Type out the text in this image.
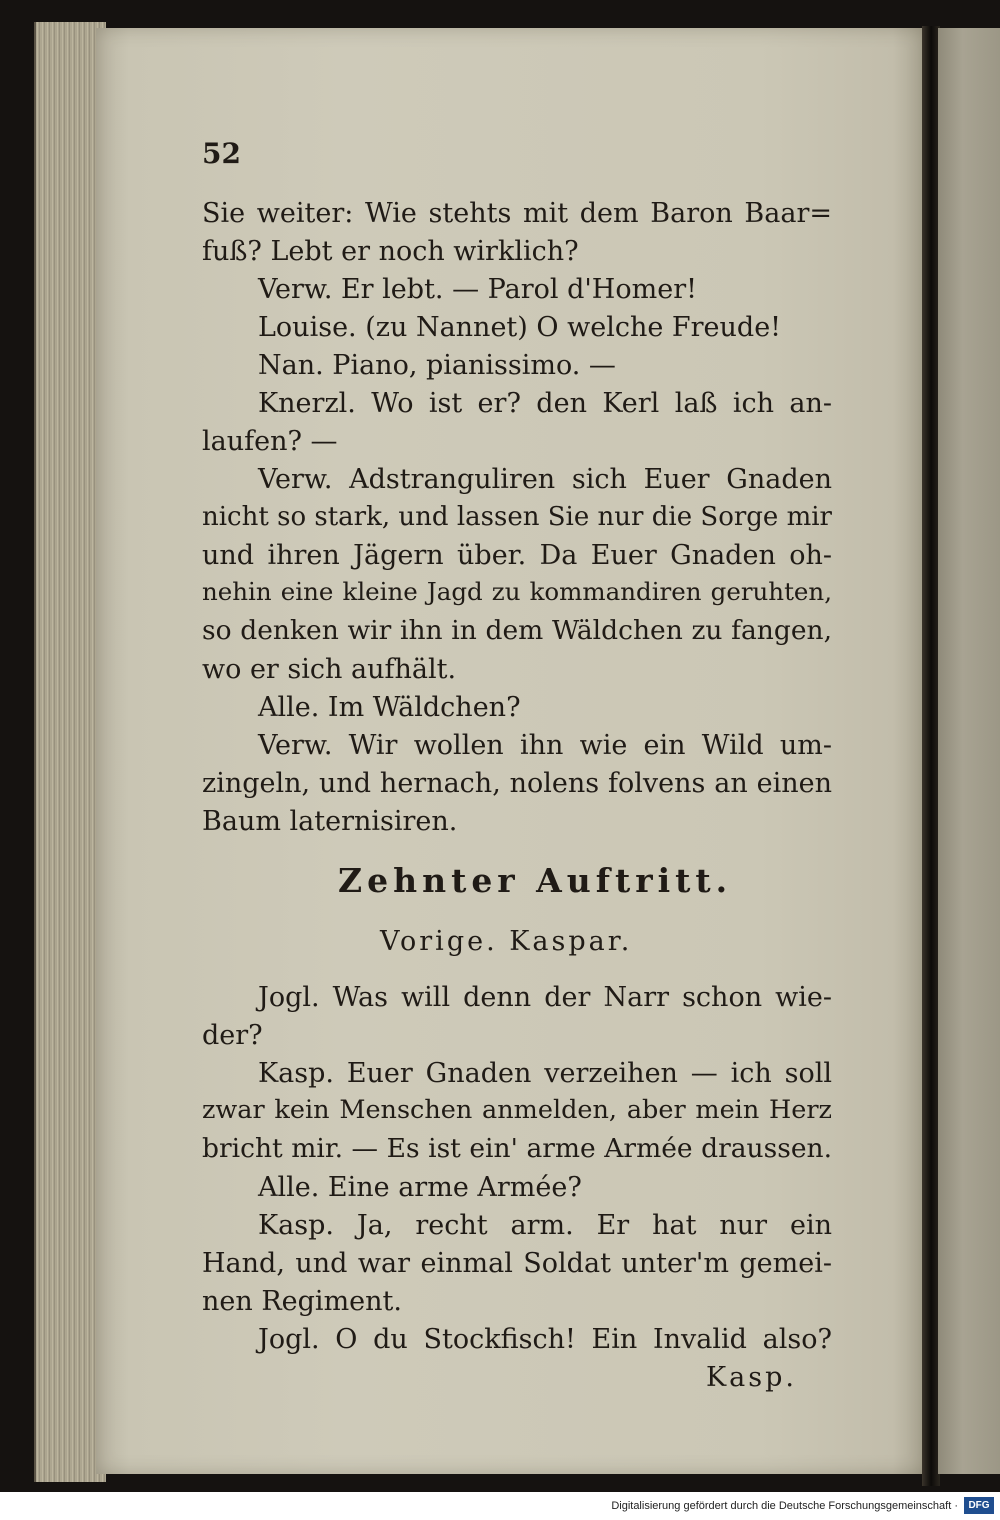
52
Sie weiter: Wie stehts mit dem Baron Baar=
fuß? Lebt er noch wirklich?
Verw. Er lebt. — Parol d'Homer!
Louise. (zu Nannet) O welche Freude!
Nan. Piano, pianissimo. —
Knerzl. Wo ist er? den Kerl laß ich an-
laufen? —
Verw. Adstranguliren sich Euer Gnaden
nicht so stark, und lassen Sie nur die Sorge mir
und ihren Jägern über. Da Euer Gnaden oh-
nehin eine kleine Jagd zu kommandiren geruhten,
so denken wir ihn in dem Wäldchen zu fangen,
wo er sich aufhält.
Alle. Im Wäldchen?
Verw. Wir wollen ihn wie ein Wild um-
zingeln, und hernach, nolens folvens an einen
Baum laternisiren.
Zehnter Auftritt.
Vorige. Kaspar.
Jogl. Was will denn der Narr schon wie-
der?
Kasp. Euer Gnaden verzeihen — ich soll
zwar kein Menschen anmelden, aber mein Herz
bricht mir. — Es ist ein' arme Armée draussen.
Alle. Eine arme Armée?
Kasp. Ja, recht arm. Er hat nur ein
Hand, und war einmal Soldat unter'm gemei-
nen Regiment.
Jogl. O du Stockfisch! Ein Invalid also?
Kasp.
Digitalisierung gefördert durch die Deutsche Forschungsgemeinschaft ·	DFG
